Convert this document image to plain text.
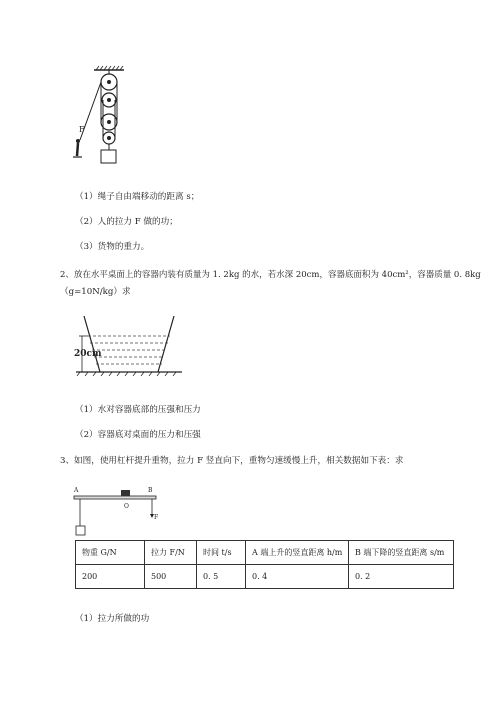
F
（1）绳子自由端移动的距离 s；
（2）人的拉力 F 做的功；
（3）货物的重力。
2、放在水平桌面上的容器内装有质量为 1. 2kg 的水，若水深 20cm，容器底面积为 40cm²，容器质量 0. 8kg
（g=10N/kg）求
20cm
（1）水对容器底部的压强和压力
（2）容器底对桌面的压力和压强
3、如图，使用杠杆提升重物，拉力 F 竖直向下，重物匀速缓慢上升，相关数据如下表：求
A	B
O
F
物重 G/N	拉力 F/N	时间 t/s	A 端上升的竖直距离 h/m	B 端下降的竖直距离 s/m
200	500	0. 5	0. 4	0. 2
（1）拉力所做的功
